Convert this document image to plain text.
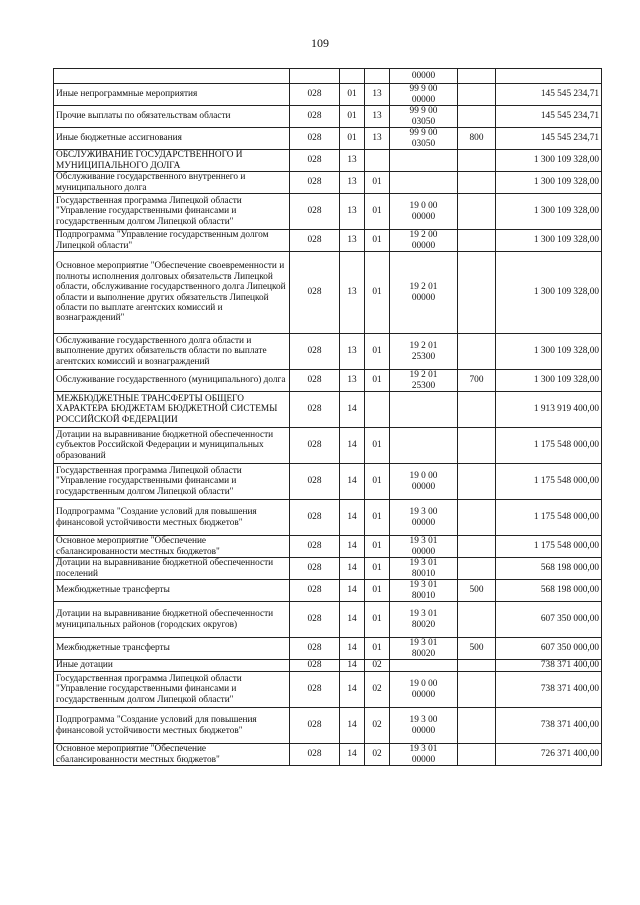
109

				00000		

Иные непрограммные мероприятия	028	01	13	99 9 00
00000		145 545 234,71
Прочие выплаты по обязательствам области	028	01	13	99 9 00
03050		145 545 234,71
Иные бюджетные ассигнования	028	01	13	99 9 00
03050	800	145 545 234,71
ОБСЛУЖИВАНИЕ ГОСУДАРСТВЕННОГО И МУНИЦИПАЛЬНОГО ДОЛГА	028	13				1 300 109 328,00
Обслуживание государственного внутреннего и муниципального долга	028	13	01			1 300 109 328,00
Государственная программа Липецкой области "Управление государственными финансами и государственным долгом Липецкой области"	028	13	01	19 0 00
00000		1 300 109 328,00
Подпрограмма "Управление государственным долгом Липецкой области"	028	13	01	19 2 00
00000		1 300 109 328,00
Основное мероприятие "Обеспечение своевременности и полноты исполнения долговых обязательств Липецкой области, обслуживание государственного долга Липецкой области и выполнение других обязательств Липецкой области по выплате агентских комиссий и вознаграждений"	028	13	01	19 2 01
00000		1 300 109 328,00
Обслуживание государственного долга области и выполнение других обязательств области по выплате агентских комиссий и вознаграждений	028	13	01	19 2 01
25300		1 300 109 328,00
Обслуживание государственного (муниципального) долга	028	13	01	19 2 01
25300	700	1 300 109 328,00
МЕЖБЮДЖЕТНЫЕ ТРАНСФЕРТЫ ОБЩЕГО ХАРАКТЕРА БЮДЖЕТАМ БЮДЖЕТНОЙ СИСТЕМЫ РОССИЙСКОЙ ФЕДЕРАЦИИ	028	14				1 913 919 400,00
Дотации на выравнивание бюджетной обеспеченности субъектов Российской Федерации и муниципальных образований	028	14	01			1 175 548 000,00
Государственная программа Липецкой области "Управление государственными финансами и государственным долгом Липецкой области"	028	14	01	19 0 00
00000		1 175 548 000,00
Подпрограмма "Создание условий для повышения финансовой устойчивости местных бюджетов"	028	14	01	19 3 00
00000		1 175 548 000,00
Основное мероприятие "Обеспечение сбалансированности местных бюджетов"	028	14	01	19 3 01
00000		1 175 548 000,00
Дотации на выравнивание бюджетной обеспеченности поселений	028	14	01	19 3 01
80010		568 198 000,00
Межбюджетные трансферты	028	14	01	19 3 01
80010	500	568 198 000,00
Дотации на выравнивание бюджетной обеспеченности муниципальных районов (городских округов)	028	14	01	19 3 01
80020		607 350 000,00
Межбюджетные трансферты	028	14	01	19 3 01
80020	500	607 350 000,00
Иные дотации	028	14	02			738 371 400,00
Государственная программа Липецкой области "Управление государственными финансами и государственным долгом Липецкой области"	028	14	02	19 0 00
00000		738 371 400,00
Подпрограмма "Создание условий для повышения финансовой устойчивости местных бюджетов"	028	14	02	19 3 00
00000		738 371 400,00
Основное мероприятие "Обеспечение сбалансированности местных бюджетов"	028	14	02	19 3 01
00000		726 371 400,00
